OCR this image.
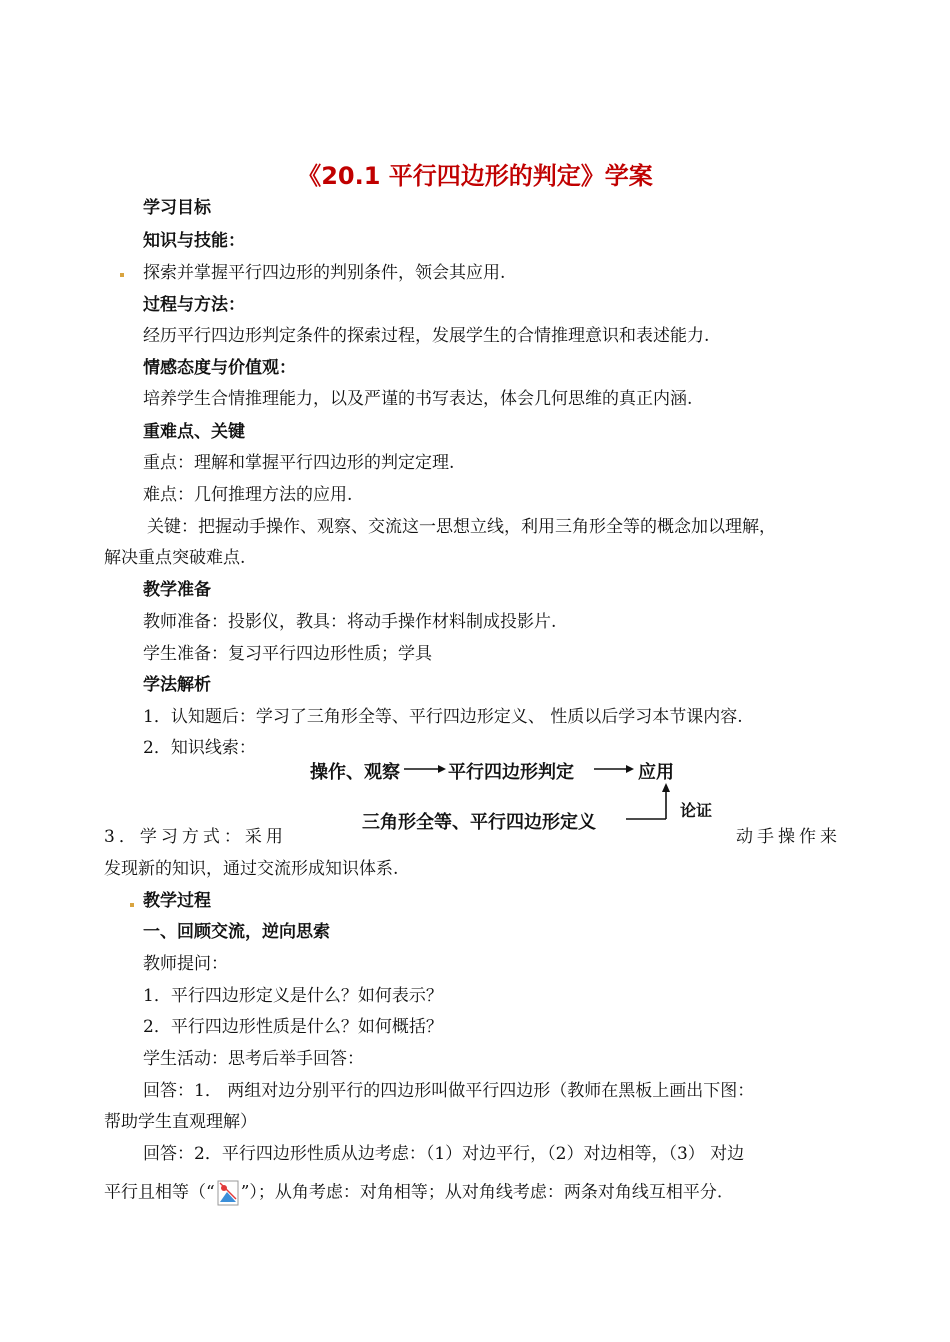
《20.1 平行四边形的判定》学案
学习目标
知识与技能：
探索并掌握平行四边形的判别条件，领会其应用.
过程与方法：
经历平行四边形判定条件的探索过程，发展学生的合情推理意识和表述能力.
情感态度与价值观：
培养学生合情推理能力，以及严谨的书写表达，体会几何思维的真正内涵.
重难点、关键
重点：理解和掌握平行四边形的判定定理.
难点：几何推理方法的应用.
关键：把握动手操作、观察、交流这一思想立线，利用三角形全等的概念加以理解，
解决重点突破难点.
教学准备
教师准备：投影仪，教具：将动手操作材料制成投影片.
学生准备：复习平行四边形性质；学具
学法解析
1．认知题后：学习了三角形全等、平行四边形定义、 性质以后学习本节课内容.
2．知识线索：
操作、观察	平行四边形判定	应用
三角形全等、平行四边形定义
论证
3．学习方式：采用	动手操作来
发现新的知识，通过交流形成知识体系.
教学过程
一、回顾交流，逆向思索
教师提问：
1．平行四边形定义是什么？如何表示？
2．平行四边形性质是什么？如何概括？
学生活动：思考后举手回答：
回答：1． 两组对边分别平行的四边形叫做平行四边形（教师在黑板上画出下图：
帮助学生直观理解）
回答：2．平行四边形性质从边考虑：（1）对边平行，（2）对边相等，（3） 对边
平行且相等（“ ”）；从角考虑：对角相等；从对角线考虑：两条对角线互相平分.
